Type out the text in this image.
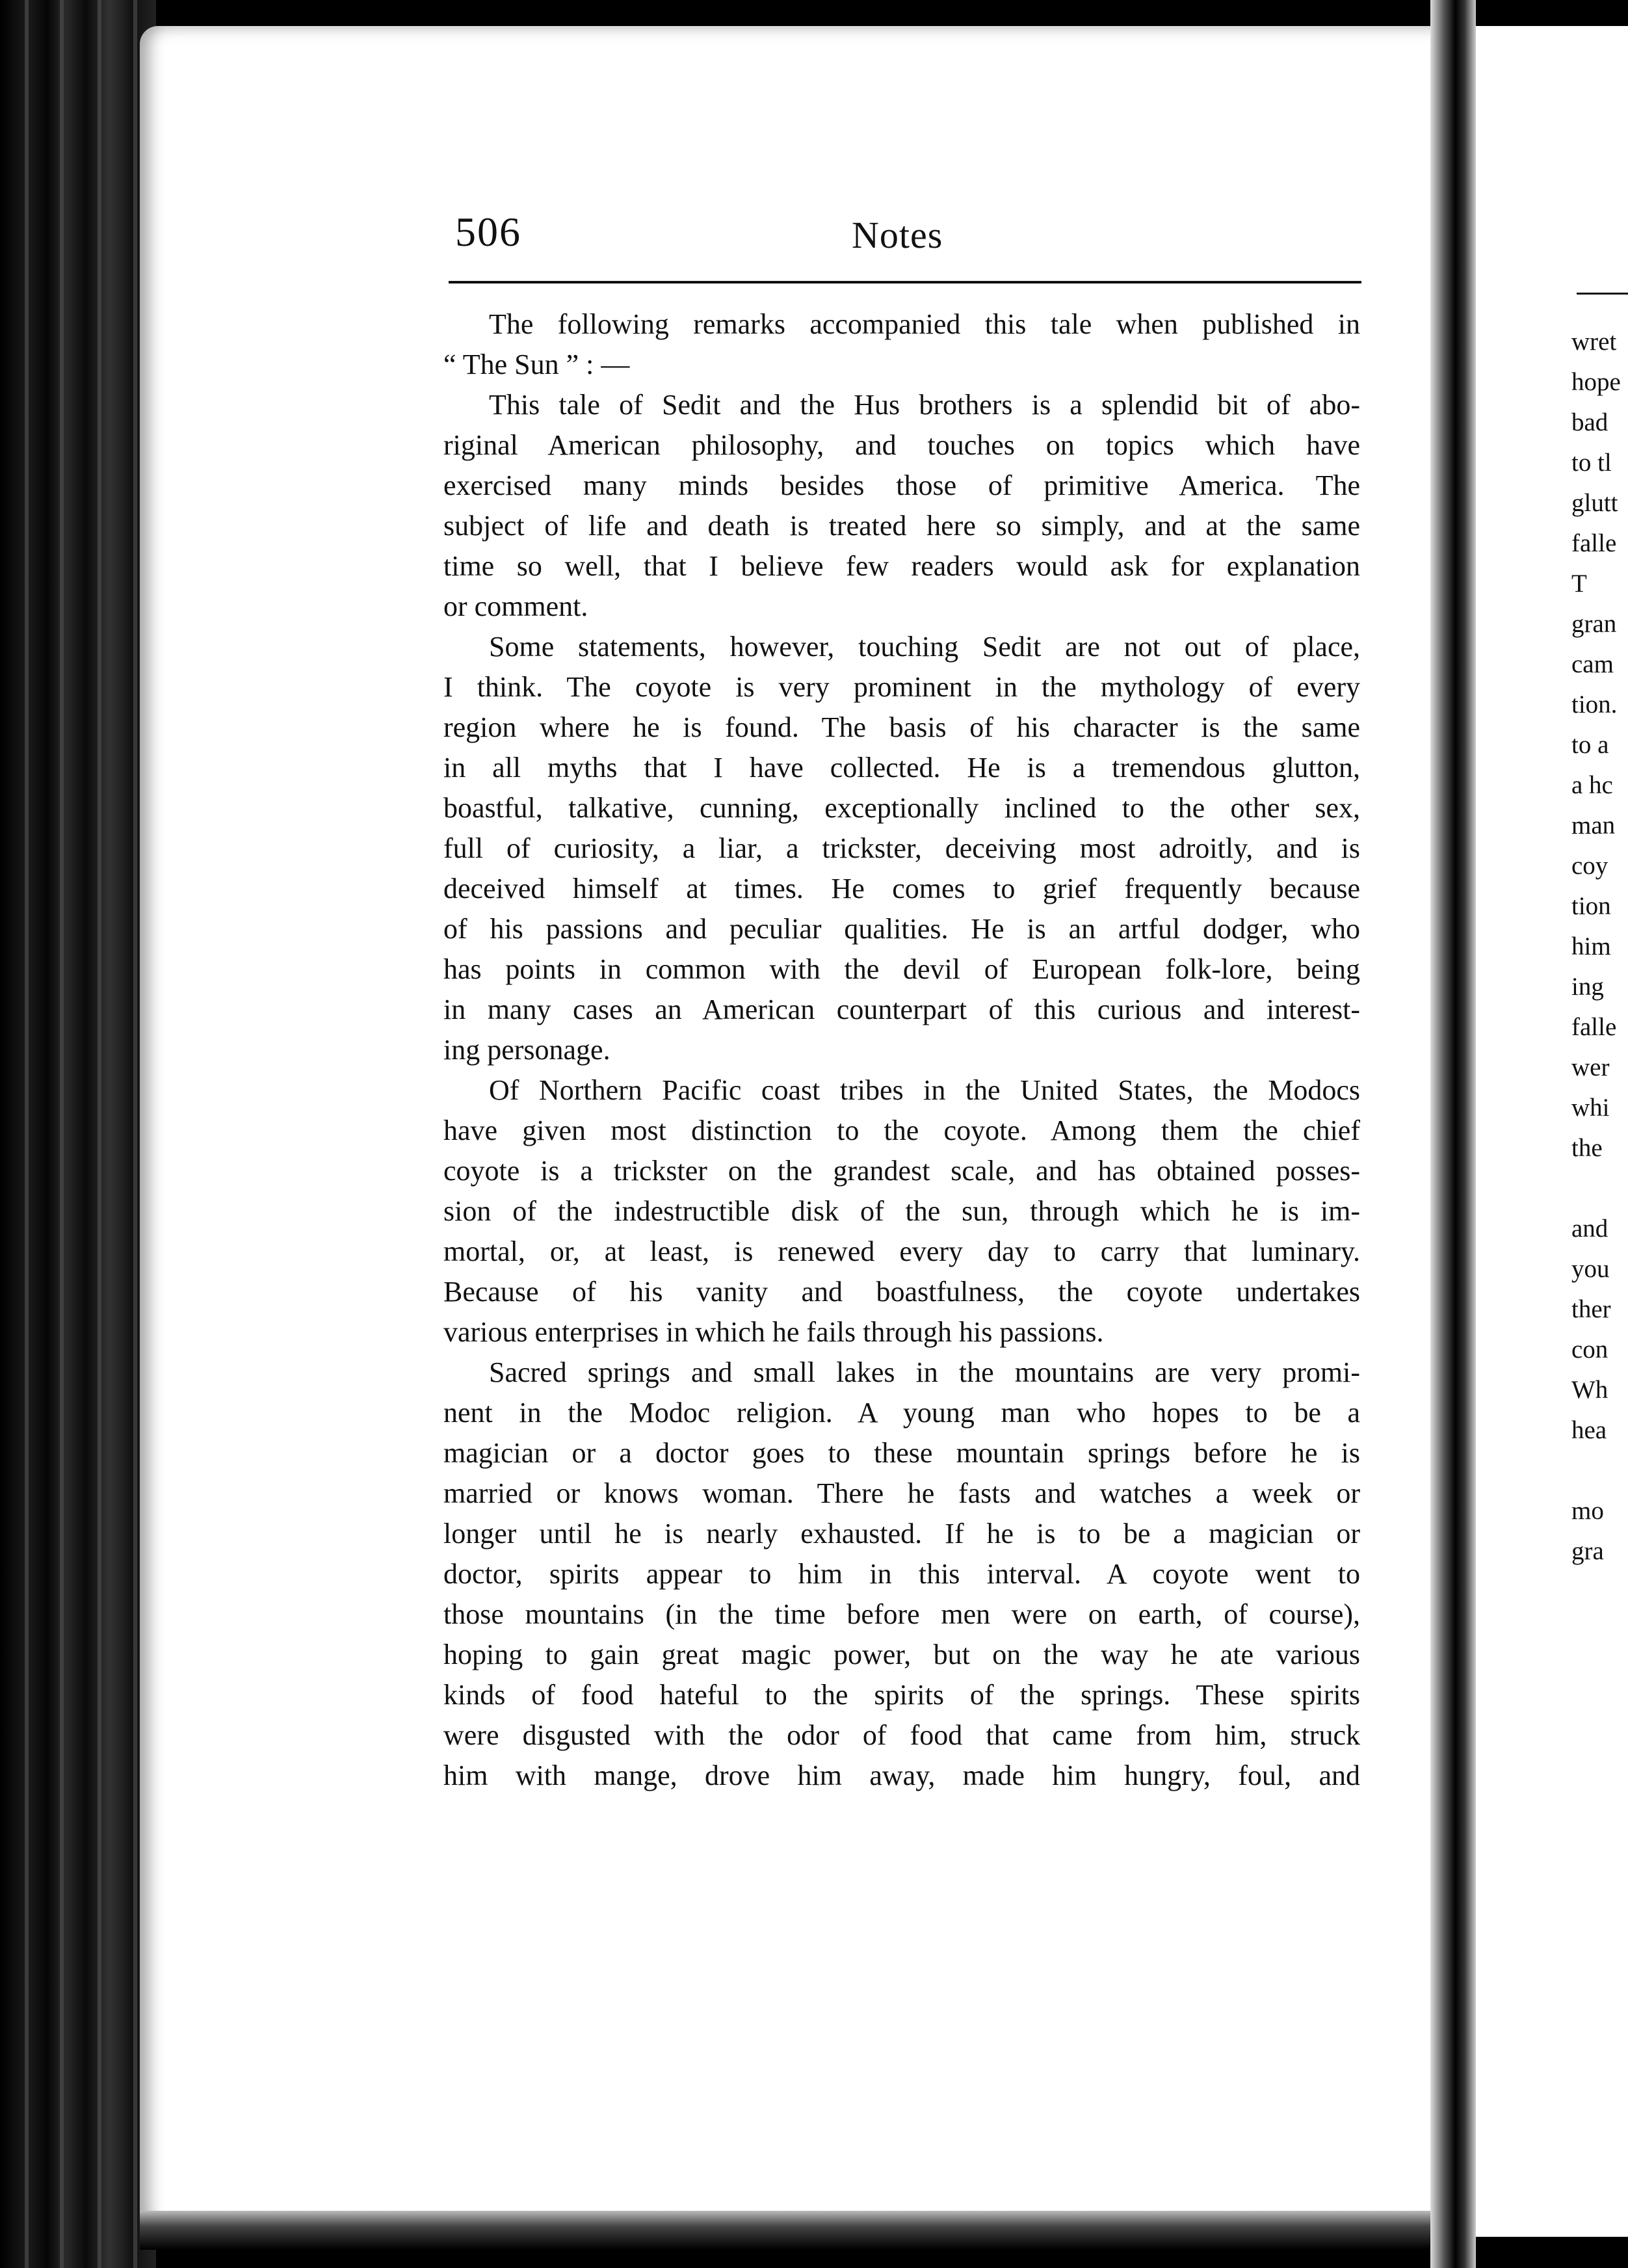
wret
hope
bad
to tl
glutt
falle
T
gran
cam
tion.
to a
a hc
man
coy
tion
him
ing
falle
wer
whi
the
and
you
ther
con
Wh
hea
mo
gra
506	Notes
The following remarks accompanied this tale when published in
“ The Sun ” : —
This tale of Sedit and the Hus brothers is a splendid bit of abo-
riginal American philosophy, and touches on topics which have
exercised many minds besides those of primitive America. The
subject of life and death is treated here so simply, and at the same
time so well, that I believe few readers would ask for explanation
or comment.
Some statements, however, touching Sedit are not out of place,
I think. The coyote is very prominent in the mythology of every
region where he is found. The basis of his character is the same
in all myths that I have collected. He is a tremendous glutton,
boastful, talkative, cunning, exceptionally inclined to the other sex,
full of curiosity, a liar, a trickster, deceiving most adroitly, and is
deceived himself at times. He comes to grief frequently because
of his passions and peculiar qualities. He is an artful dodger, who
has points in common with the devil of European folk-lore, being
in many cases an American counterpart of this curious and interest-
ing personage.
Of Northern Pacific coast tribes in the United States, the Modocs
have given most distinction to the coyote. Among them the chief
coyote is a trickster on the grandest scale, and has obtained posses-
sion of the indestructible disk of the sun, through which he is im-
mortal, or, at least, is renewed every day to carry that luminary.
Because of his vanity and boastfulness, the coyote undertakes
various enterprises in which he fails through his passions.
Sacred springs and small lakes in the mountains are very promi-
nent in the Modoc religion. A young man who hopes to be a
magician or a doctor goes to these mountain springs before he is
married or knows woman. There he fasts and watches a week or
longer until he is nearly exhausted. If he is to be a magician or
doctor, spirits appear to him in this interval. A coyote went to
those mountains (in the time before men were on earth, of course),
hoping to gain great magic power, but on the way he ate various
kinds of food hateful to the spirits of the springs. These spirits
were disgusted with the odor of food that came from him, struck
him with mange, drove him away, made him hungry, foul, and
